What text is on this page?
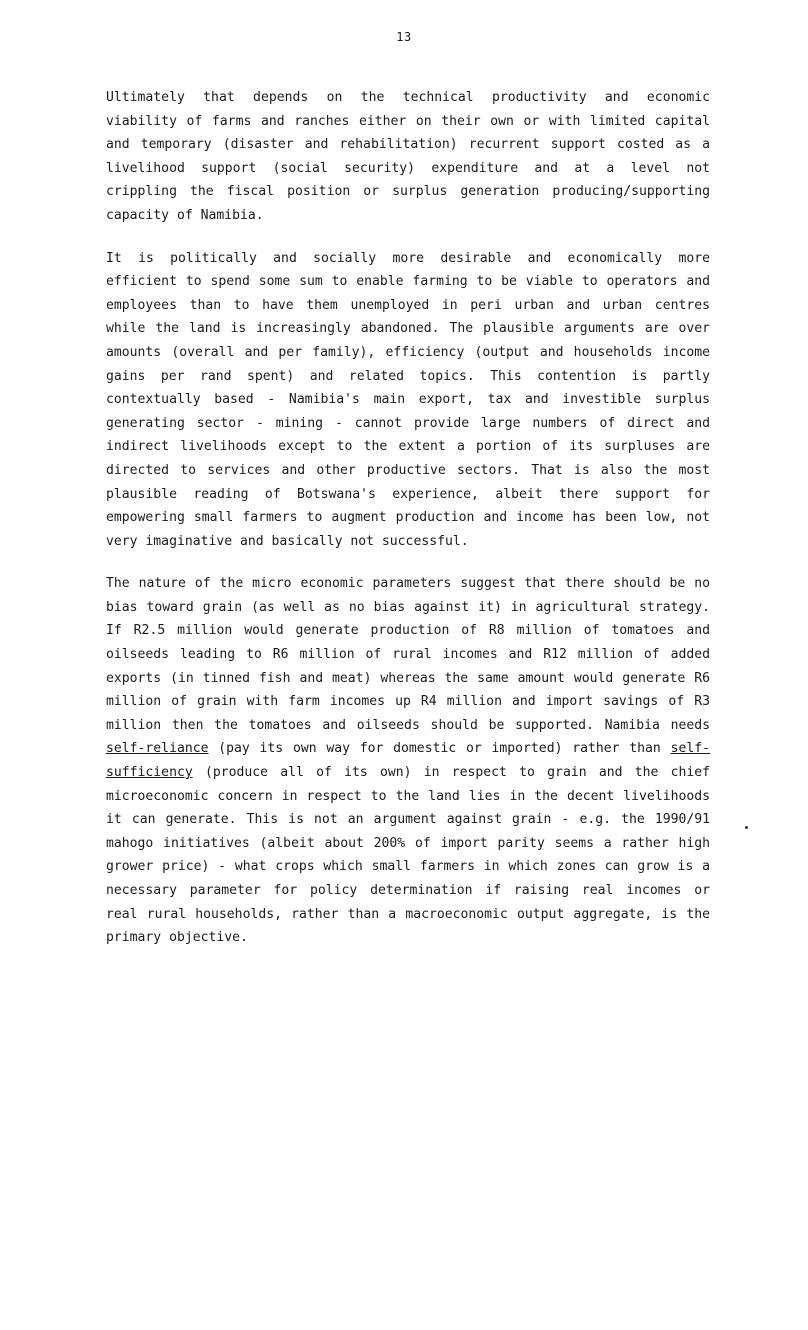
13
Ultimately that depends on the technical productivity and economic
viability of farms and ranches either on their own or with limited capital
and temporary (disaster and rehabilitation) recurrent support costed as a
livelihood support (social security) expenditure and at a level not
crippling the fiscal position or surplus generation producing/supporting
capacity of Namibia.
It is politically and socially more desirable and economically more
efficient to spend some sum to enable farming to be viable to operators and
employees than to have them unemployed in peri urban and urban centres
while the land is increasingly abandoned. The plausible arguments are over
amounts (overall and per family), efficiency (output and households income
gains per rand spent) and related topics. This contention is partly
contextually based - Namibia's main export, tax and investible surplus
generating sector - mining - cannot provide large numbers of direct and
indirect livelihoods except to the extent a portion of its surpluses are
directed to services and other productive sectors. That is also the most
plausible reading of Botswana's experience, albeit there support for
empowering small farmers to augment production and income has been low, not
very imaginative and basically not successful.
The nature of the micro economic parameters suggest that there should be no
bias toward grain (as well as no bias against it) in agricultural strategy.
If R2.5 million would generate production of R8 million of tomatoes and
oilseeds leading to R6 million of rural incomes and R12 million of added
exports (in tinned fish and meat) whereas the same amount would generate R6
million of grain with farm incomes up R4 million and import savings of R3
million then the tomatoes and oilseeds should be supported. Namibia needs
self-reliance (pay its own way for domestic or imported) rather than self-
sufficiency (produce all of its own) in respect to grain and the chief
microeconomic concern in respect to the land lies in the decent livelihoods
it can generate. This is not an argument against grain - e.g. the 1990/91
mahogo initiatives (albeit about 200% of import parity seems a rather high
grower price) - what crops which small farmers in which zones can grow is a
necessary parameter for policy determination if raising real incomes or
real rural households, rather than a macroeconomic output aggregate, is the
primary objective.
